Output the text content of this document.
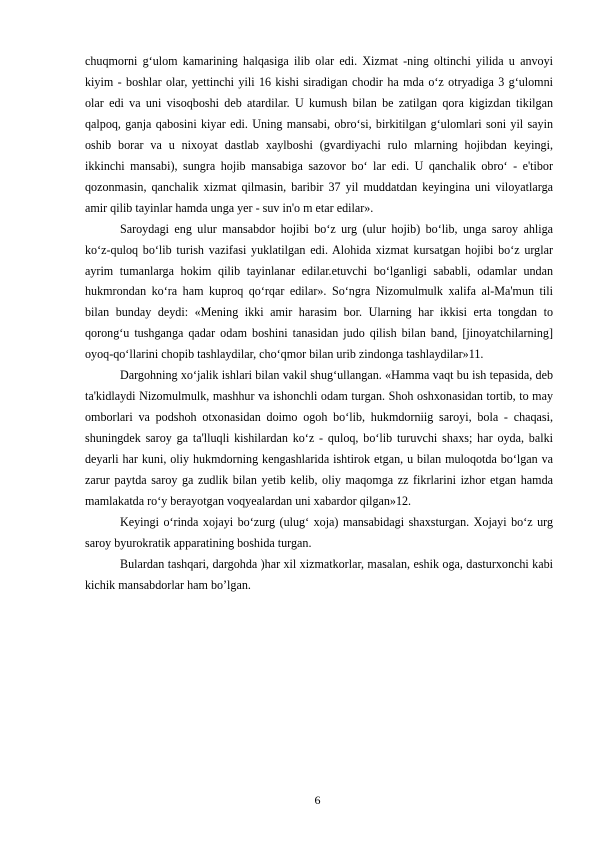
chuqmorni g‘ulom kamarining halqasiga ilib olar edi. Xizmat -ning oltinchi yilida u anvoyi kiyim - boshlar olar, yettinchi yili 16 kishi siradigan chodir ha mda o‘z otryadiga 3 g‘ulomni olar edi va uni visoqboshi deb atardilar. U kumush bilan be zatilgan qora kigizdan tikilgan qalpoq, ganja qabosini kiyar edi. Uning mansabi, obro‘si, birkitilgan g‘ulomlari soni yil sayin oshib borar va u nixoyat dastlab xaylboshi (gvardiyachi rulo mlarning hojibdan keyingi, ikkinchi mansabi), sungra hojib mansabiga sazovor bo‘ lar edi. U qanchalik obro‘ - e'tibor qozonmasin, qanchalik xizmat qilmasin, baribir 37 yil muddatdan keyingina uni viloyatlarga amir qilib tayinlar hamda unga yer - suv in'o m etar edilar».

Saroydagi eng ulur mansabdor hojibi bo‘z urg (ulur hojib) bo‘lib, unga saroy ahliga ko‘z-quloq bo‘lib turish vazifasi yuklatilgan edi. Alohida xizmat kursatgan hojibi bo‘z urglar ayrim tumanlarga hokim qilib tayinlanar edilar.etuvchi bo‘lganligi sababli, odamlar undan hukmrondan ko‘ra ham kuproq qo‘rqar edilar». So‘ngra Nizomulmulk xalifa al-Ma'mun tili bilan bunday deydi: «Mening ikki amir harasim bor. Ularning har ikkisi erta tongdan to qorong‘u tushganga qadar odam boshini tanasidan judo qilish bilan band, [jinoyatchilarning] oyoq-qo‘llarini chopib tashlaydilar, cho‘qmor bilan urib zindonga tashlaydilar»11.

Dargohning xo‘jalik ishlari bilan vakil shug‘ullangan. «Hamma vaqt bu ish tepasida, deb ta'kidlaydi Nizomulmulk, mashhur va ishonchli odam turgan. Shoh oshxonasidan tortib, to may omborlari va podshoh otxonasidan doimo ogoh bo‘lib, hukmdorniig saroyi, bola - chaqasi, shuningdek saroy ga ta'lluqli kishilardan ko‘z - quloq, bo‘lib turuvchi shaxs; har oyda, balki deyarli har kuni, oliy hukmdorning kengashlarida ishtirok etgan, u bilan muloqotda bo‘lgan va zarur paytda saroy ga zudlik bilan yetib kelib, oliy maqomga zz fikrlarini izhor etgan hamda mamlakatda ro‘y berayotgan voqyealardan uni xabardor qilgan»12.

Keyingi o‘rinda xojayi bo‘zurg (ulug‘ xoja) mansabidagi shaxsturgan. Xojayi bo‘z urg saroy byurokratik apparatining boshida turgan.

Bulardan tashqari, dargohda )har xil xizmatkorlar, masalan, eshik oga, dasturxonchi kabi kichik mansabdorlar ham bo’lgan.

6
